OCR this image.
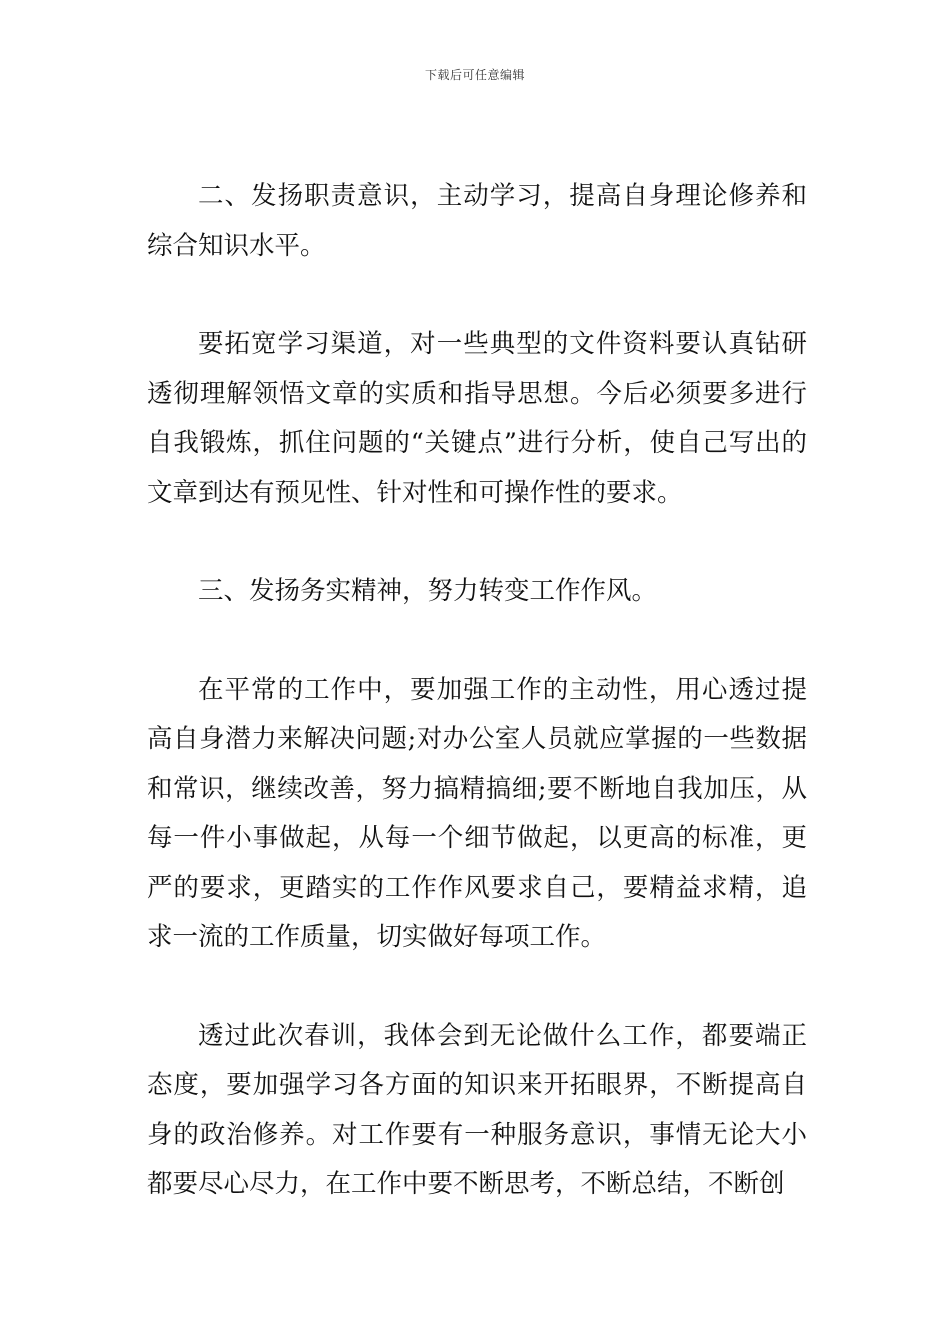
下载后可任意编辑

二、发扬职责意识，主动学习，提高自身理论修养和综合知识水平。

要拓宽学习渠道，对一些典型的文件资料要认真钻研透彻理解领悟文章的实质和指导思想。今后必须要多进行自我锻炼，抓住问题的“关键点”进行分析，使自己写出的文章到达有预见性、针对性和可操作性的要求。

三、发扬务实精神，努力转变工作作风。

在平常的工作中，要加强工作的主动性，用心透过提高自身潜力来解决问题;对办公室人员就应掌握的一些数据和常识，继续改善，努力搞精搞细;要不断地自我加压，从每一件小事做起，从每一个细节做起，以更高的标准，更严的要求，更踏实的工作作风要求自己，要精益求精，追求一流的工作质量，切实做好每项工作。

透过此次春训，我体会到无论做什么工作，都要端正态度，要加强学习各方面的知识来开拓眼界，不断提高自身的政治修养。对工作要有一种服务意识，事情无论大小都要尽心尽力，在工作中要不断思考，不断总结，不断创
